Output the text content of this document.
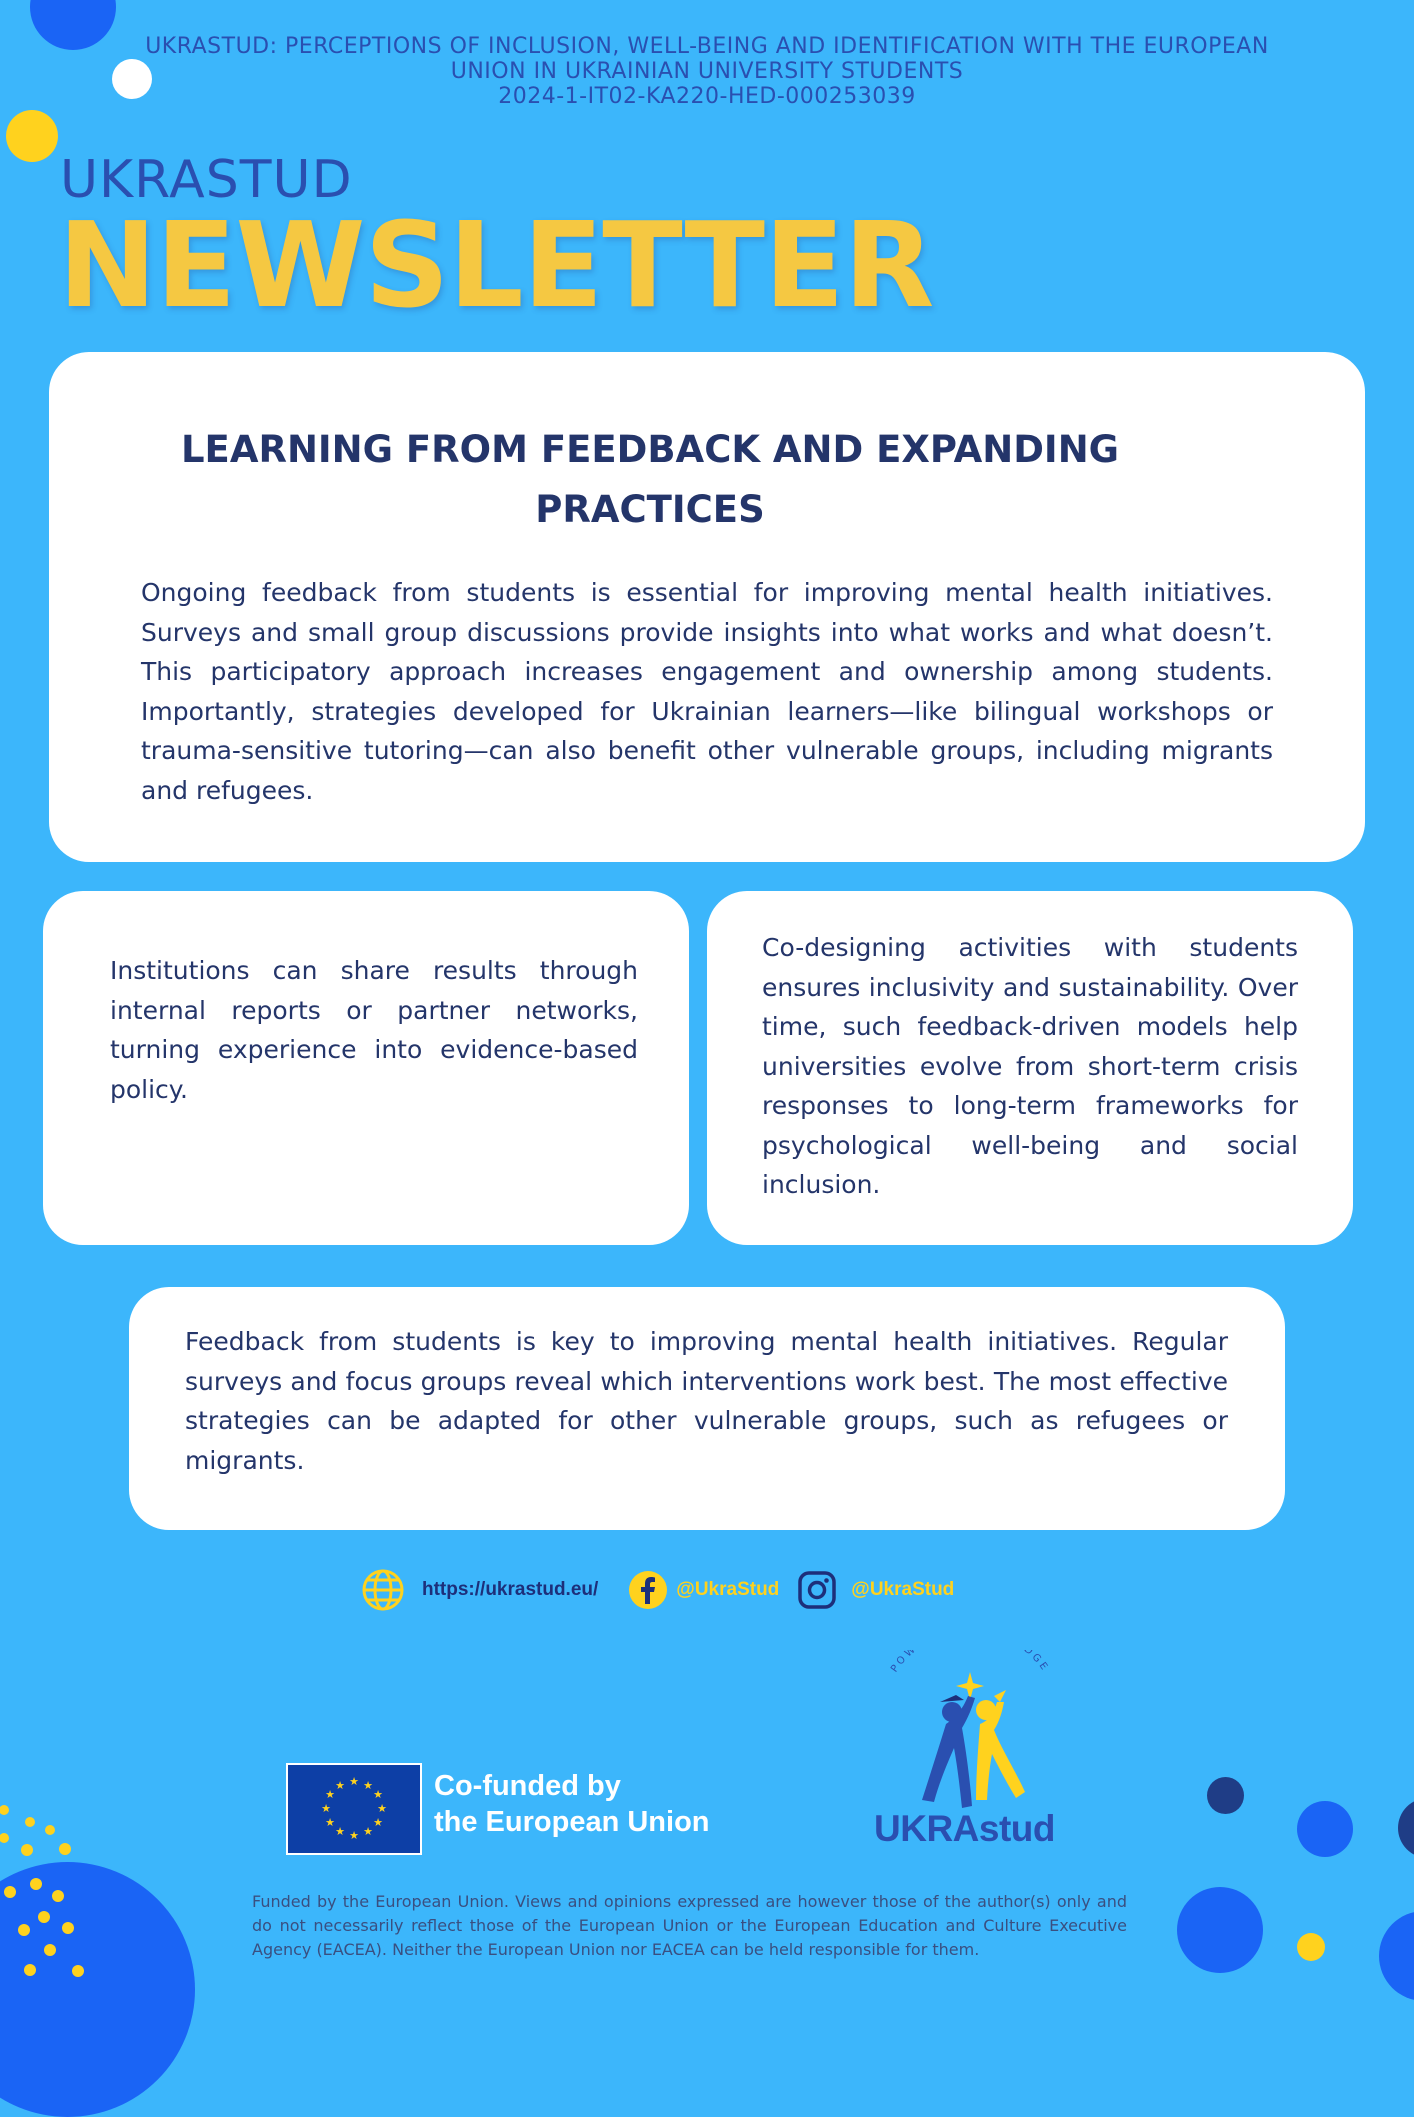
UKRASTUD: PERCEPTIONS OF INCLUSION, WELL-BEING AND IDENTIFICATION WITH THE EUROPEAN
UNION IN UKRAINIAN UNIVERSITY STUDENTS
2024-1-IT02-KA220-HED-000253039
UKRASTUD
NEWSLETTER
LEARNING FROM FEEDBACK AND EXPANDING
PRACTICES

Ongoing feedback from students is essential for improving mental health initiatives. Surveys and small group discussions provide insights into what works and what doesn’t. This participatory approach increases engagement and ownership among students. Importantly, strategies developed for Ukrainian learners—like bilingual workshops or trauma-sensitive tutoring—can also benefit other vulnerable groups, including migrants and refugees.

Institutions can share results through internal reports or partner networks, turning experience into evidence-based policy.

Co-designing activities with students ensures inclusivity and sustainability. Over time, such feedback-driven models help universities evolve from short-term crisis responses to long-term frameworks for psychological well-being and social inclusion.

Feedback from students is key to improving mental health initiatives. Regular surveys and focus groups reveal which interventions work best. The most effective strategies can be adapted for other vulnerable groups, such as refugees or migrants.

https://ukrastud.eu/	@UkraStud	@UkraStud
★ ★
★
★
★
★
★
★
★
★
★
★	Co-funded by
the European Union
POW DGE
UKRAstud

Funded by the European Union. Views and opinions expressed are however those of the author(s) only and do not necessarily reflect those of the European Union or the European Education and Culture Executive Agency (EACEA). Neither the European Union nor EACEA can be held responsible for them.
